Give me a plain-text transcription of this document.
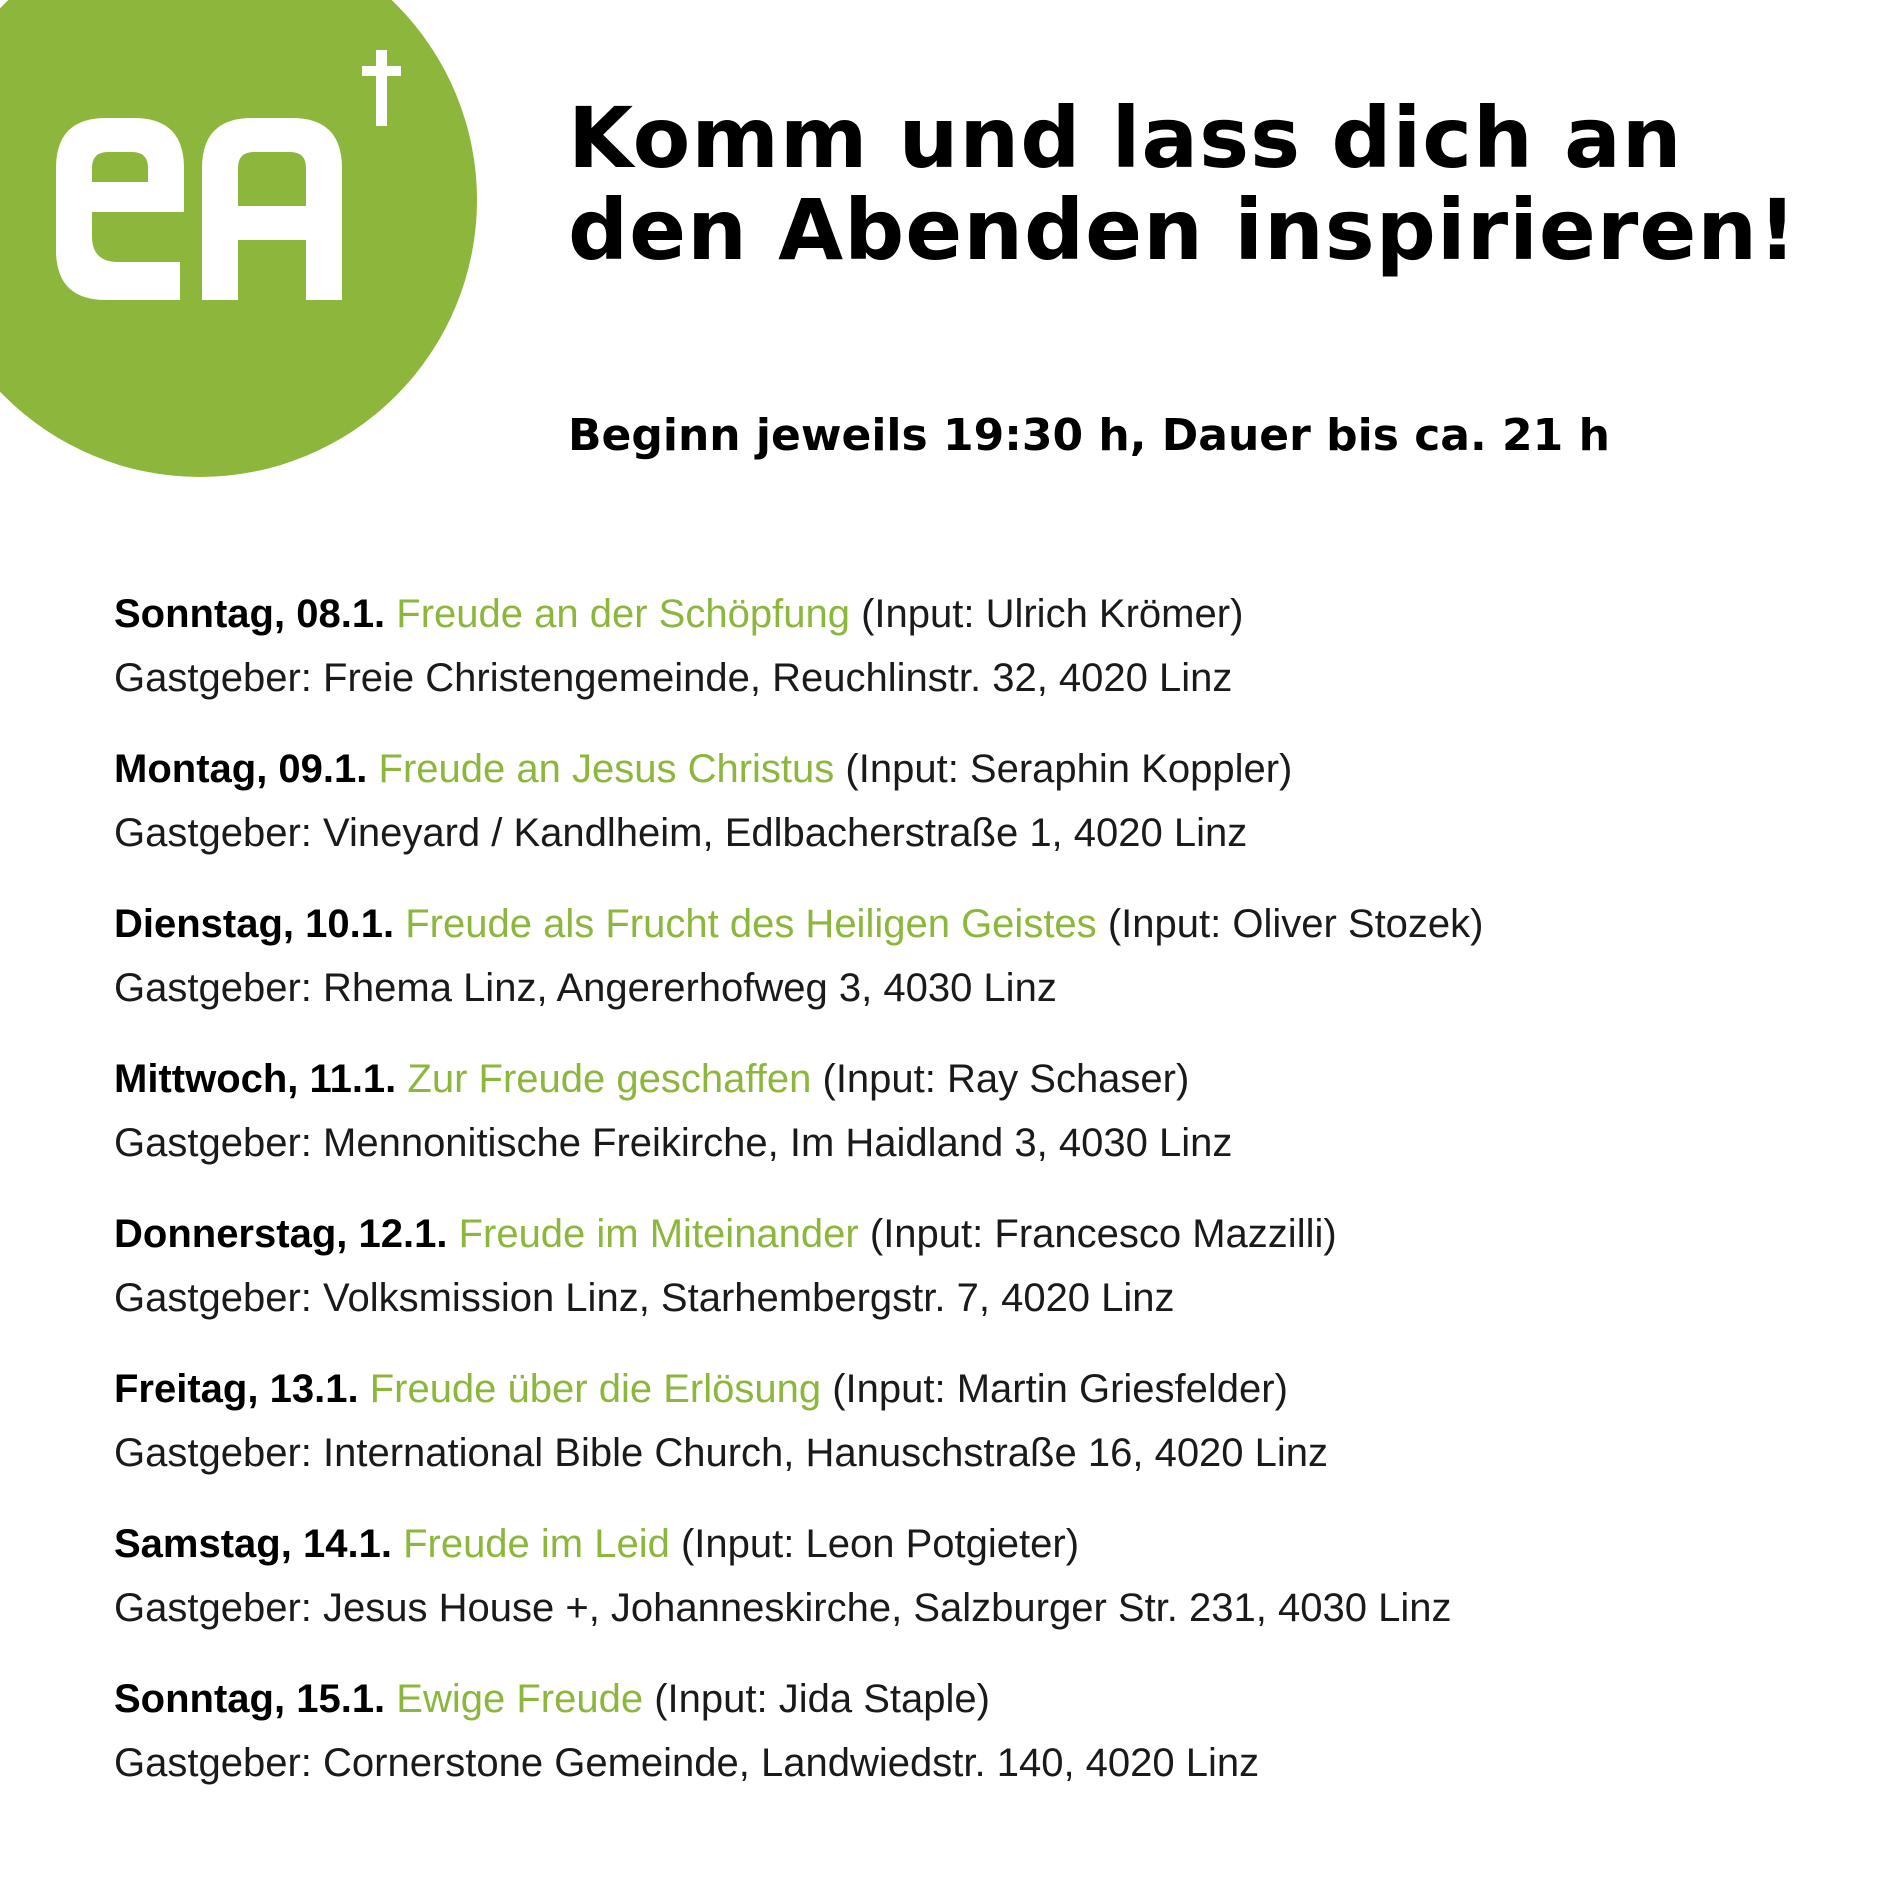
Komm und lass dich an
den Abenden inspirieren!

Beginn jeweils 19:30 h, Dauer bis ca. 21 h

Sonntag, 08.1. Freude an der Schöpfung (Input: Ulrich Krömer)
Gastgeber: Freie Christengemeinde, Reuchlinstr. 32, 4020 Linz
Montag, 09.1. Freude an Jesus Christus (Input: Seraphin Koppler)
Gastgeber: Vineyard / Kandlheim, Edlbacherstraße 1, 4020 Linz
Dienstag, 10.1. Freude als Frucht des Heiligen Geistes (Input: Oliver Stozek)
Gastgeber: Rhema Linz, Angererhofweg 3, 4030 Linz
Mittwoch, 11.1. Zur Freude geschaffen (Input: Ray Schaser)
Gastgeber: Mennonitische Freikirche, Im Haidland 3, 4030 Linz
Donnerstag, 12.1. Freude im Miteinander (Input: Francesco Mazzilli)
Gastgeber: Volksmission Linz, Starhembergstr. 7, 4020 Linz
Freitag, 13.1. Freude über die Erlösung (Input: Martin Griesfelder)
Gastgeber: International Bible Church, Hanuschstraße 16, 4020 Linz
Samstag, 14.1. Freude im Leid (Input: Leon Potgieter)
Gastgeber: Jesus House +, Johanneskirche, Salzburger Str. 231, 4030 Linz
Sonntag, 15.1. Ewige Freude (Input: Jida Staple)
Gastgeber: Cornerstone Gemeinde, Landwiedstr. 140, 4020 Linz
